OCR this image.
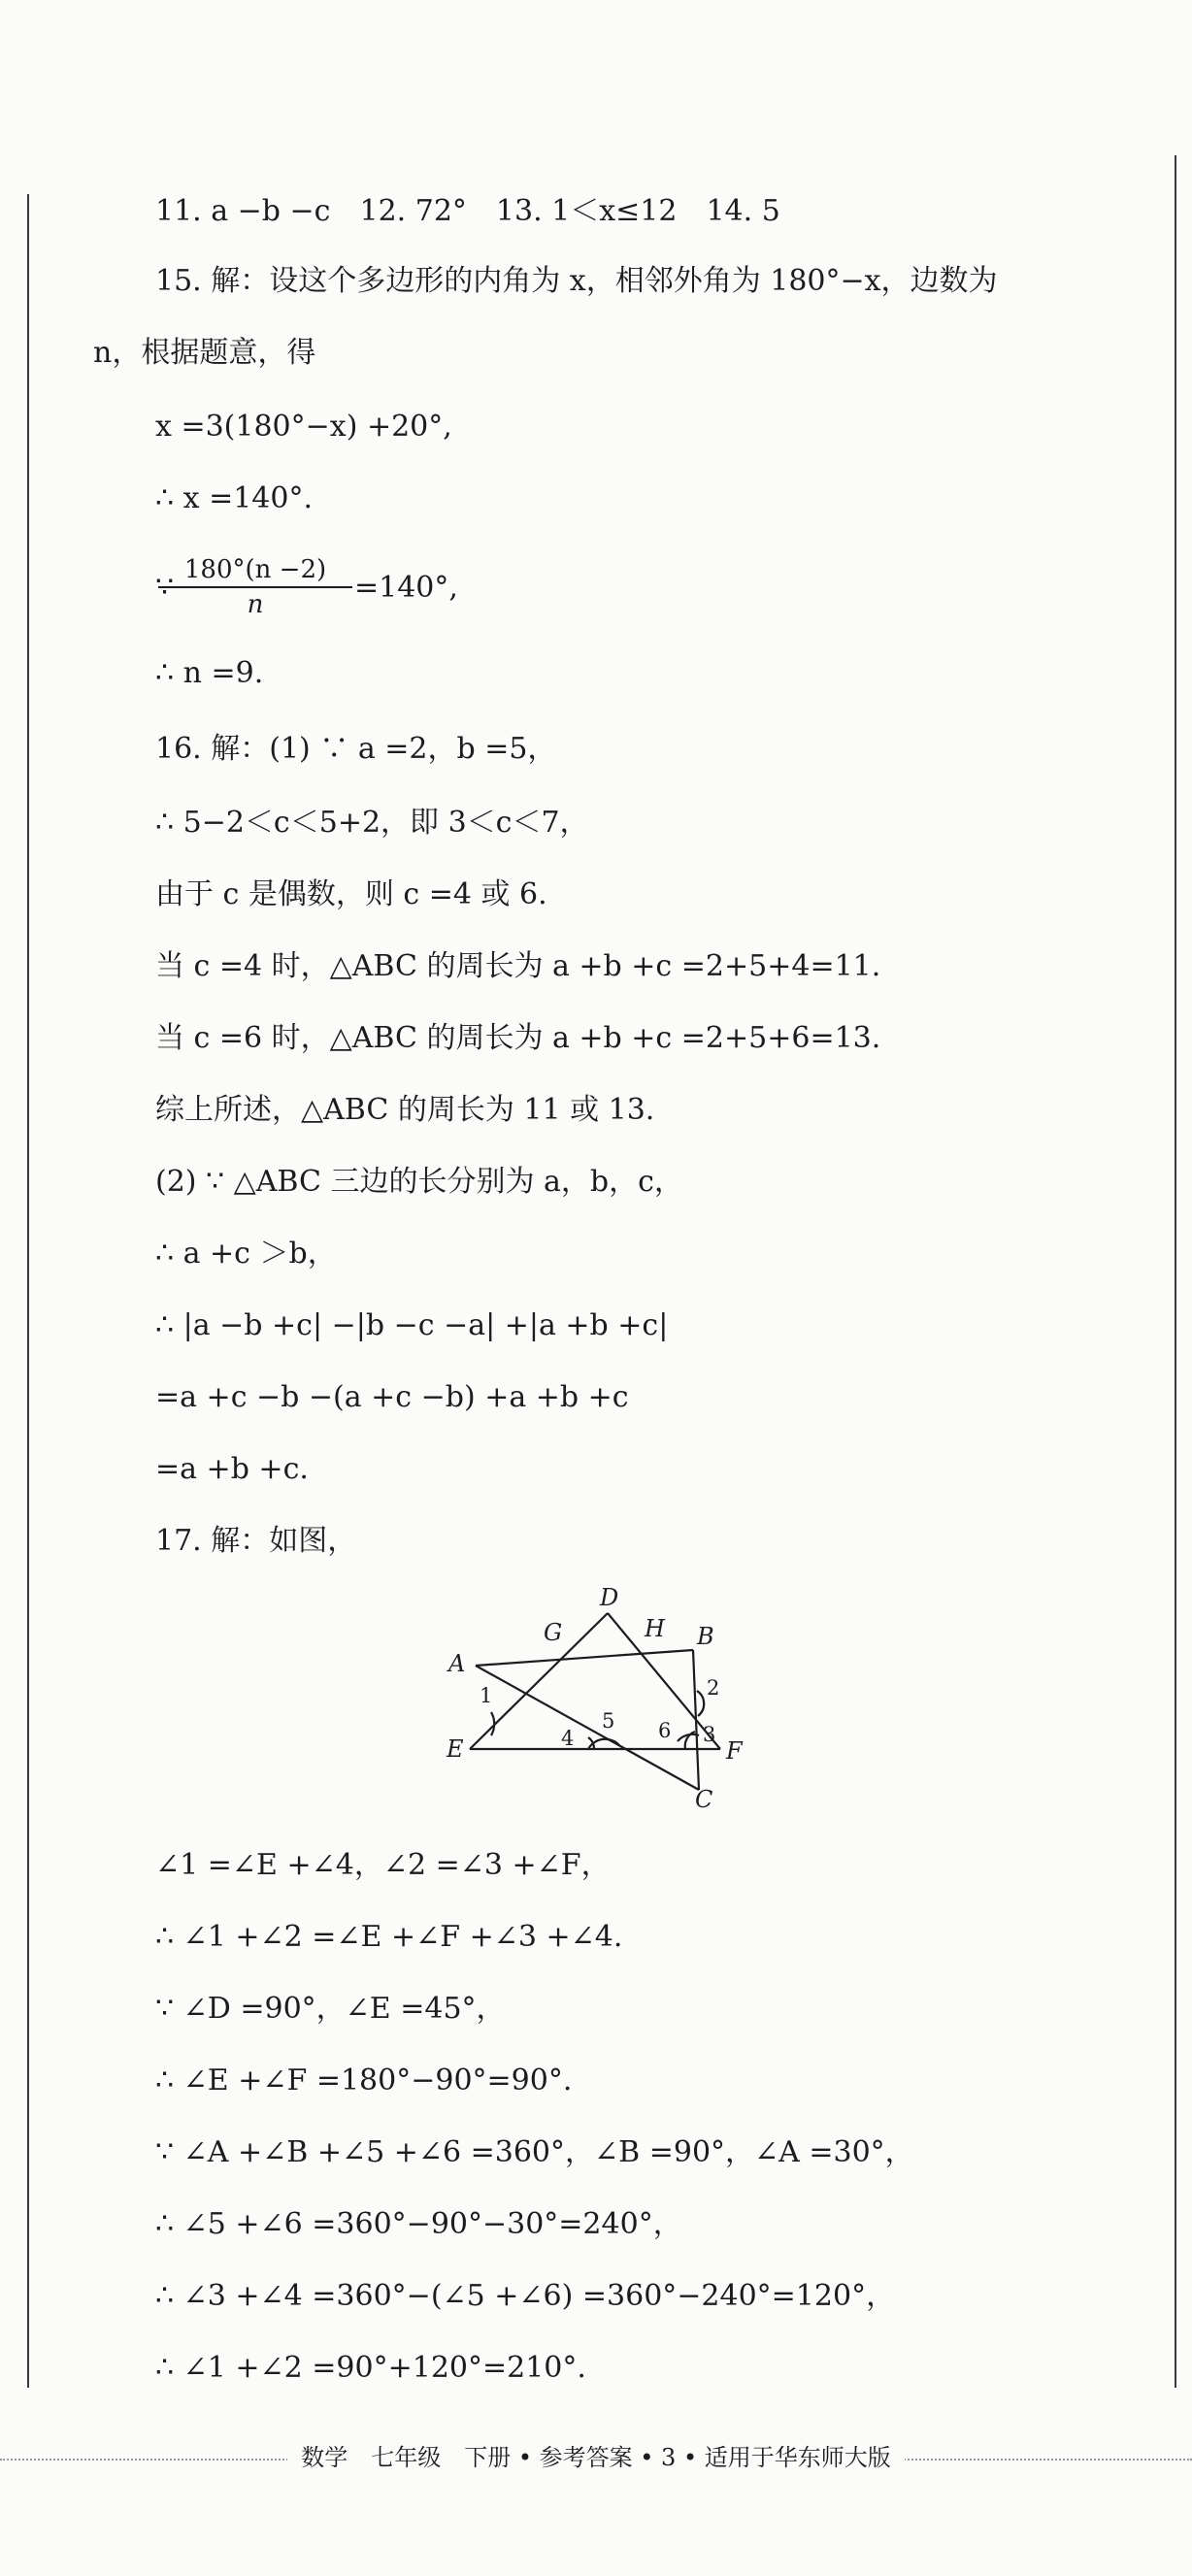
11. a −b −c　12. 72°　13. 1＜x≤12　14. 5
15. 解：设这个多边形的内角为 x，相邻外角为 180°−x，边数为
n，根据题意，得
x =3(180°−x) +20°,
∴ x =140°.
∵
$\frac{180^\circ(n -2)}{n} =140^\circ$,
∴ n =9.
16. 解：(1) ∵ a =2，b =5，
∴ 5−2＜c＜5+2，即 3＜c＜7，
由于 c 是偶数，则 c =4 或 6.
当 c =4 时，△ABC 的周长为 a +b +c =2+5+4=11.
当 c =6 时，△ABC 的周长为 a +b +c =2+5+6=13.
综上所述，△ABC 的周长为 11 或 13.
(2) ∵ △ABC 三边的长分别为 a，b，c，
∴ a +c ＞b，
∴ |a −b +c| −|b −c −a| +|a +b +c|
=a +c −b −(a +c −b) +a +b +c
=a +b +c.
17. 解：如图，
D
G	H B
A
E	F
C
1	2
3
4
5 6
∠1 =∠E +∠4，∠2 =∠3 +∠F，
∴ ∠1 +∠2 =∠E +∠F +∠3 +∠4.
∵ ∠D =90°，∠E =45°，
∴ ∠E +∠F =180°−90°=90°.
∵ ∠A +∠B +∠5 +∠6 =360°，∠B =90°，∠A =30°，
∴ ∠5 +∠6 =360°−90°−30°=240°，
∴ ∠3 +∠4 =360°−(∠5 +∠6) =360°−240°=120°，
∴ ∠1 +∠2 =90°+120°=210°.
数学　七年级　下册 • 参考答案 • 3 • 适用于华东师大版
